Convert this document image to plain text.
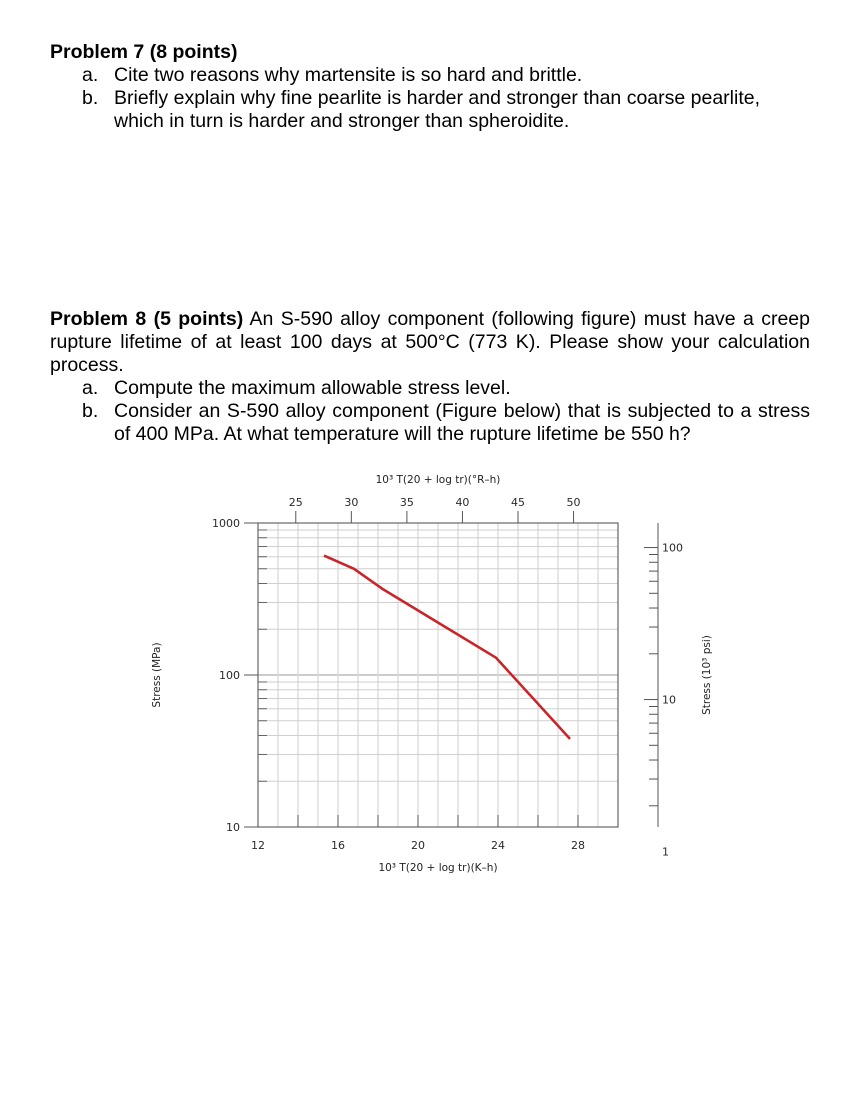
Problem 7 (8 points)
a. Cite two reasons why martensite is so hard and brittle.
b. Briefly explain why fine pearlite is harder and stronger than coarse pearlite, which in turn is harder and stronger than spheroidite.
Problem 8 (5 points) An S-590 alloy component (following figure) must have a creep rupture lifetime of at least 100 days at 500°C (773 K). Please show your calculation process.
a. Compute the maximum allowable stress level.
b. Consider an S-590 alloy component (Figure below) that is subjected to a stress of 400 MPa. At what temperature will the rupture lifetime be 550 h?
1
10
100
10
100
1000
12	16	20	24	28
25	30	35	40	45	50
10³ T(20 + log tr)(K–h)
10³ T(20 + log tr)(°R–h)
Stress (MPa)	Stress (10³ psi)
